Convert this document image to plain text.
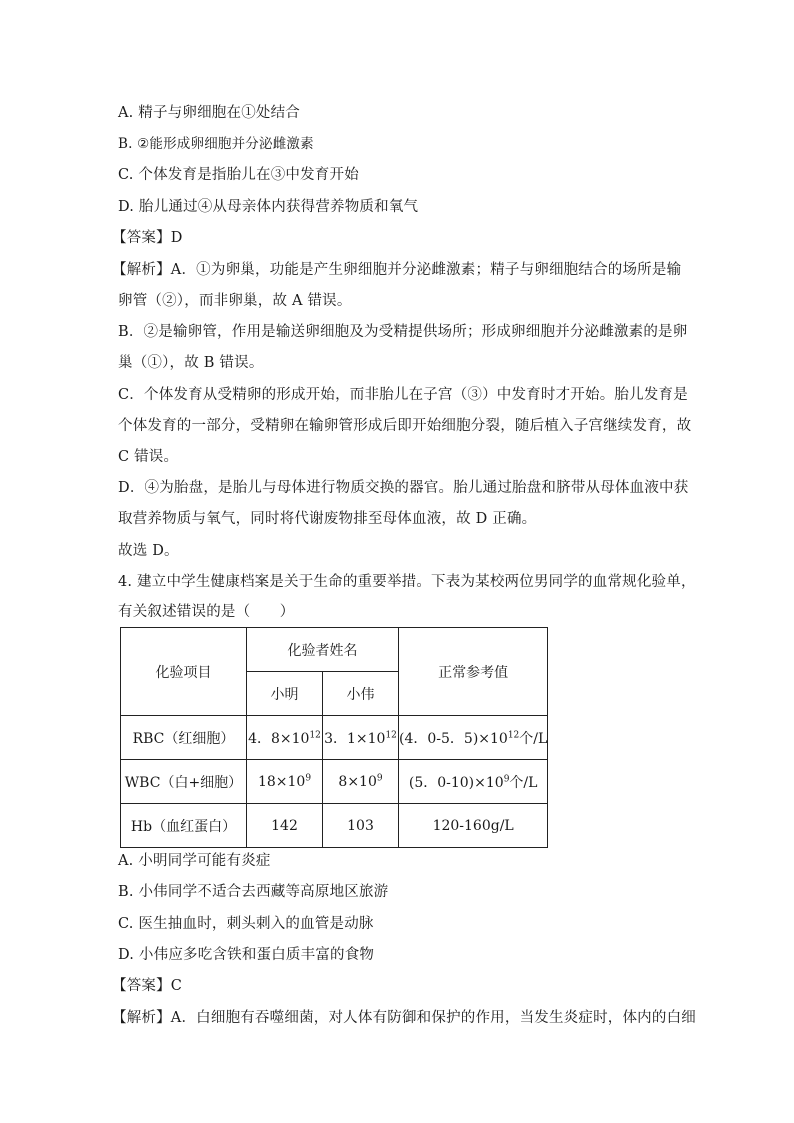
A. 精子与卵细胞在①处结合
B. ②能形成卵细胞并分泌雌激素
C. 个体发育是指胎儿在③中发育开始
D. 胎儿通过④从母亲体内获得营养物质和氧气
【答案】D
【解析】A．①为卵巢，功能是产生卵细胞并分泌雌激素；精子与卵细胞结合的场所是输
卵管（②），而非卵巢，故 A 错误。
B．②是输卵管，作用是输送卵细胞及为受精提供场所；形成卵细胞并分泌雌激素的是卵
巢（①），故 B 错误。
C．个体发育从受精卵的形成开始，而非胎儿在子宫（③）中发育时才开始。胎儿发育是
个体发育的一部分，受精卵在输卵管形成后即开始细胞分裂，随后植入子宫继续发育，故
C 错误。
D．④为胎盘，是胎儿与母体进行物质交换的器官。胎儿通过胎盘和脐带从母体血液中获
取营养物质与氧气，同时将代谢废物排至母体血液，故 D 正确。
故选 D。
4. 建立中学生健康档案是关于生命的重要举措。下表为某校两位男同学的血常规化验单，
有关叙述错误的是（　　）
化验项目	化验者姓名		正常参考值
	小明	小伟	
RBC（红细胞）	4．$8\times 10^{12}$	3．$1\times 10^{12}$	(4．0-5．$5)\times 10^{12}$个/L
WBC（白+细胞）	$18\times 10^9$	$8\times 10^9$	(5．$0-10)\times 10^9$个/L
Hb（血红蛋白）	142	103	120-160g/L
A. 小明同学可能有炎症
B. 小伟同学不适合去西藏等高原地区旅游
C. 医生抽血时，刺头刺入的血管是动脉
D. 小伟应多吃含铁和蛋白质丰富的食物
【答案】C
【解析】A．白细胞有吞噬细菌，对人体有防御和保护的作用，当发生炎症时，体内的白细
